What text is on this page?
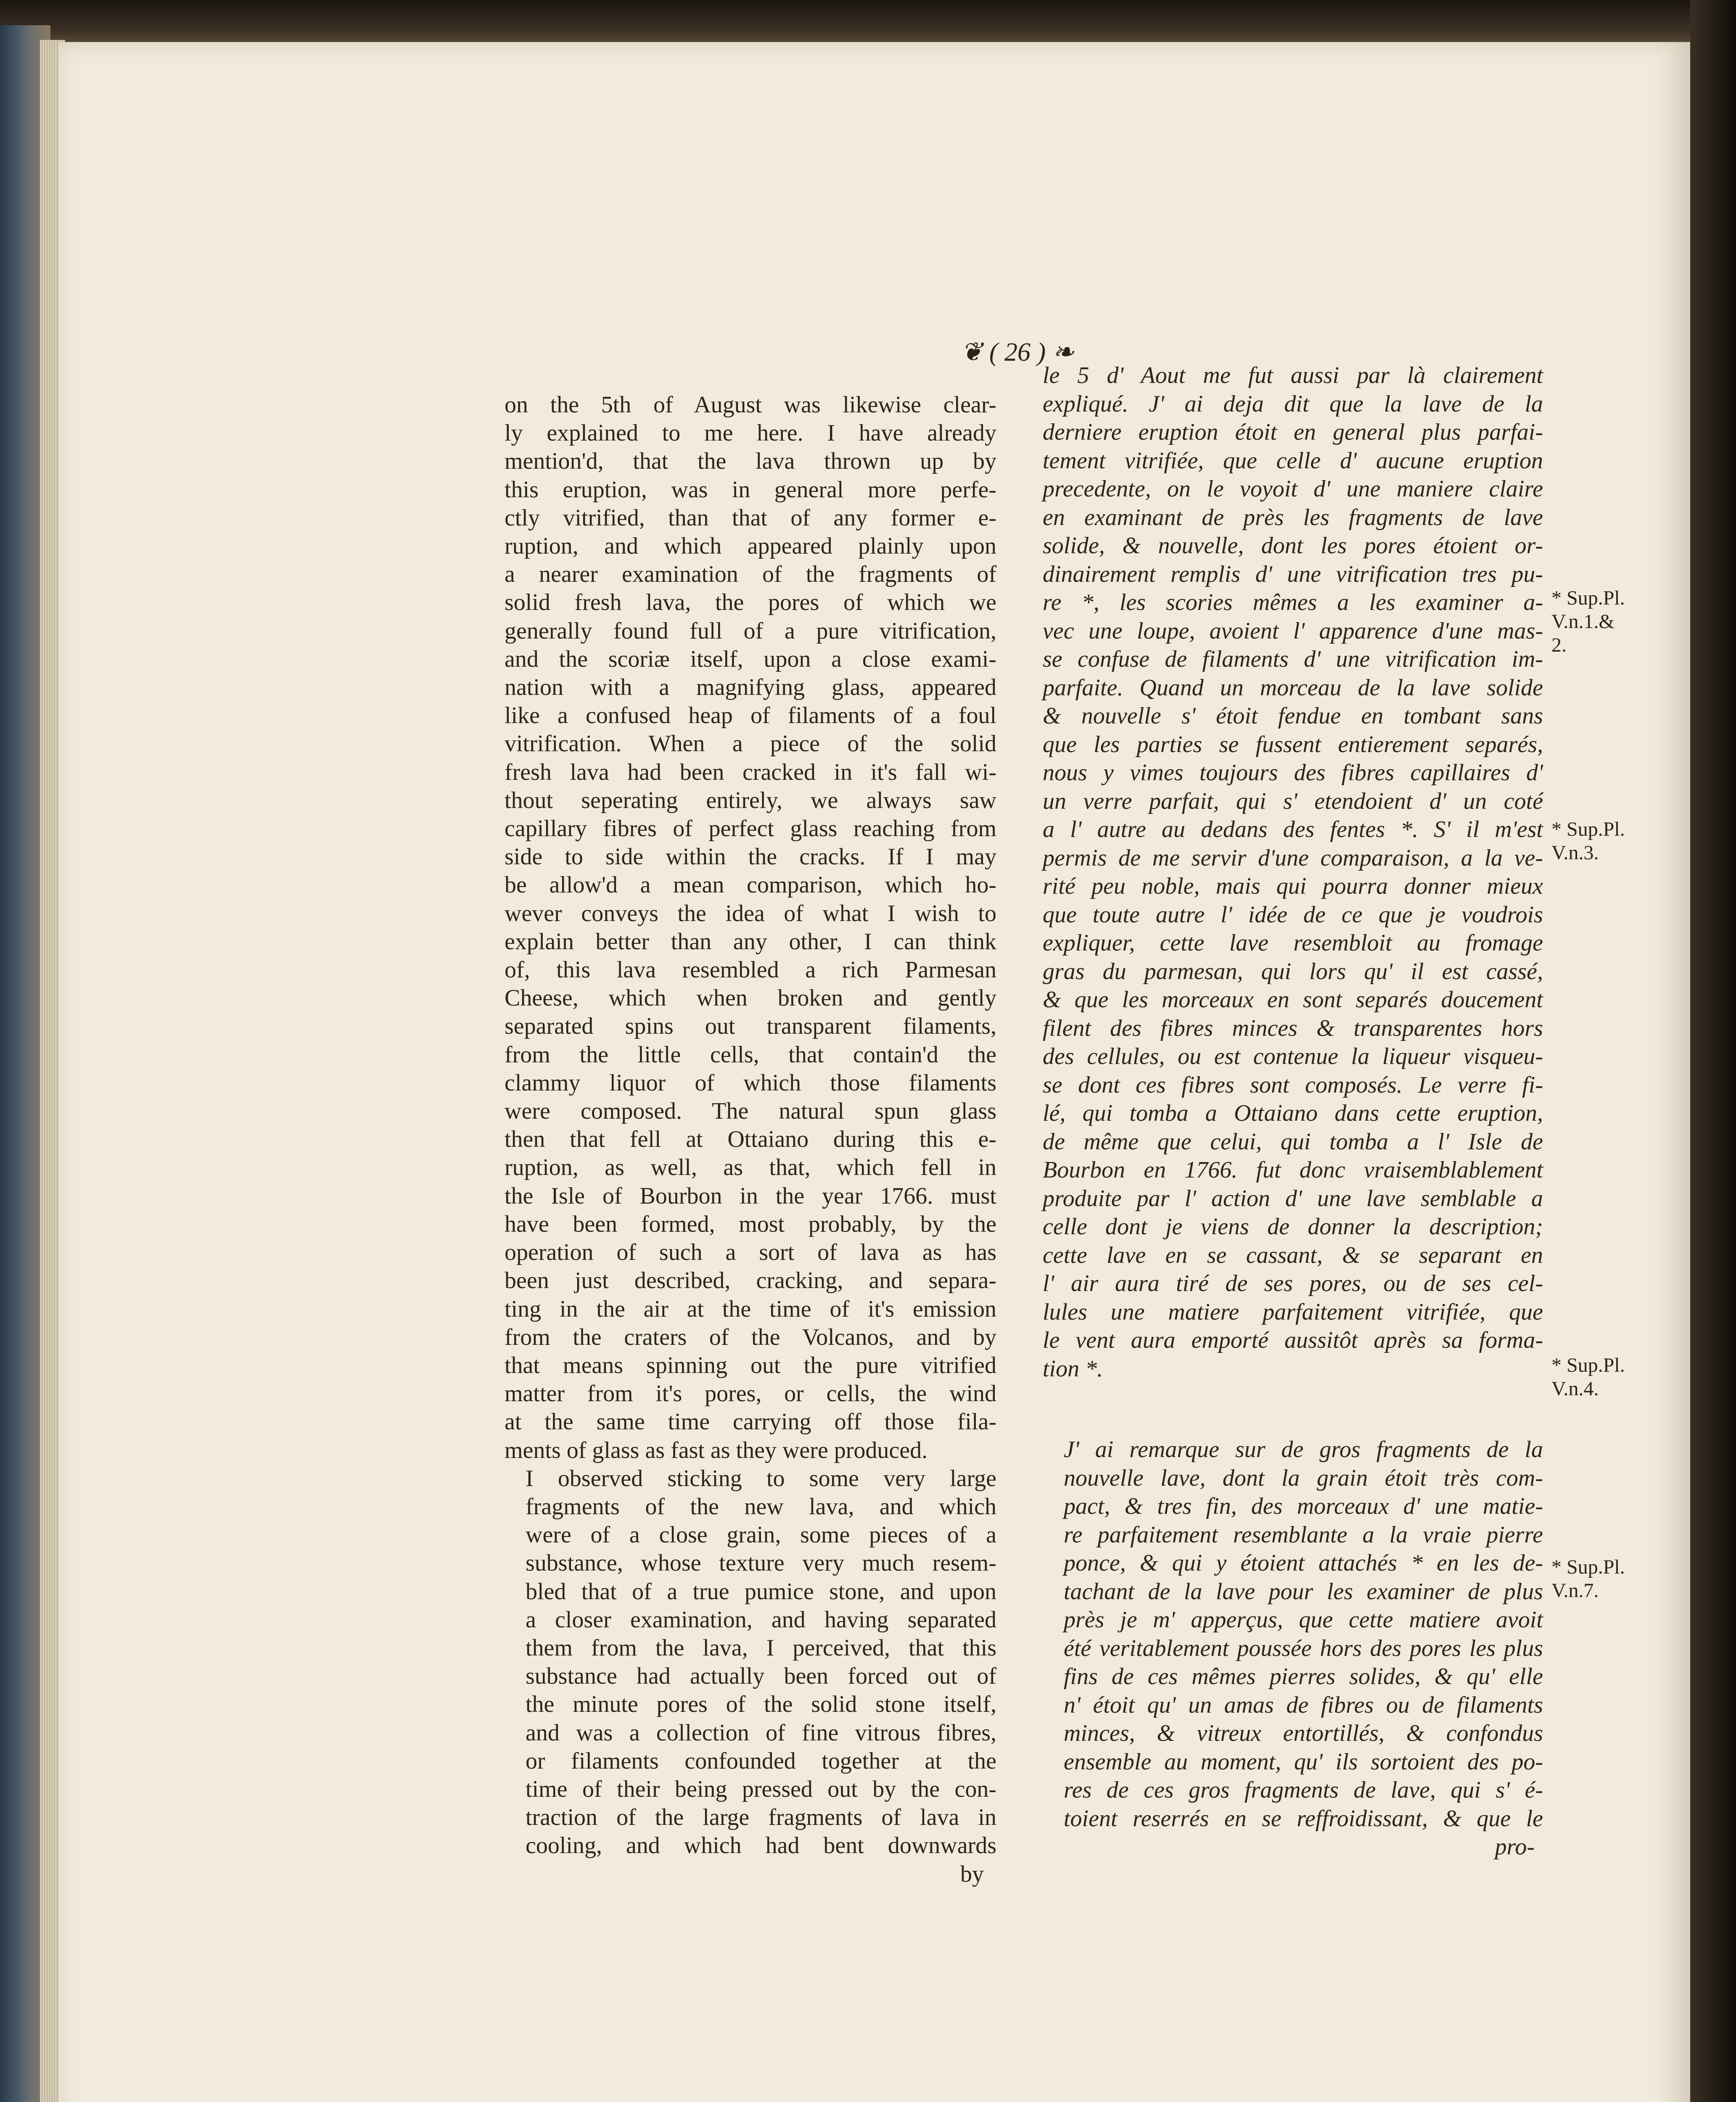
❦ ( 26 ) ❧

on the 5th of August was likewise clear-

ly explained to me here. I have already

mention'd, that the lava thrown up by

this eruption, was in general more perfe-

ctly vitrified, than that of any former e-

ruption, and which appeared plainly upon

a nearer examination of the fragments of

solid fresh lava, the pores of which we

generally found full of a pure vitrification,

and the scoriæ itself, upon a close exami-

nation with a magnifying glass, appeared

like a confused heap of filaments of a foul

vitrification. When a piece of the solid

fresh lava had been cracked in it's fall wi-

thout seperating entirely, we always saw

capillary fibres of perfect glass reaching from

side to side within the cracks. If I may

be allow'd a mean comparison, which ho-

wever conveys the idea of what I wish to

explain better than any other, I can think

of, this lava resembled a rich Parmesan

Cheese, which when broken and gently

separated spins out transparent filaments,

from the little cells, that contain'd the

clammy liquor of which those filaments

were composed. The natural spun glass

then that fell at Ottaiano during this e-

ruption, as well, as that, which fell in

the Isle of Bourbon in the year 1766. must

have been formed, most probably, by the

operation of such a sort of lava as has

been just described, cracking, and separa-

ting in the air at the time of it's emission

from the craters of the Volcanos, and by

that means spinning out the pure vitrified

matter from it's pores, or cells, the wind

at the same time carrying off those fila-

ments of glass as fast as they were produced.

I observed sticking to some very large

fragments of the new lava, and which

were of a close grain, some pieces of a

substance, whose texture very much resem-

bled that of a true pumice stone, and upon

a closer examination, and having separated

them from the lava, I perceived, that this

substance had actually been forced out of

the minute pores of the solid stone itself,

and was a collection of fine vitrous fibres,

or filaments confounded together at the

time of their being pressed out by the con-

traction of the large fragments of lava in

cooling, and which had bent downwards

by

le 5 d' Aout me fut aussi par là clairement

expliqué. J' ai deja dit que la lave de la

derniere eruption étoit en general plus parfai-

tement vitrifiée, que celle d' aucune eruption

precedente, on le voyoit d' une maniere claire

en examinant de près les fragments de lave

solide, & nouvelle, dont les pores étoient or-

dinairement remplis d' une vitrification tres pu-

re *, les scories mêmes a les examiner a-

vec une loupe, avoient l' apparence d'une mas-

se confuse de filaments d' une vitrification im-

parfaite. Quand un morceau de la lave solide

& nouvelle s' étoit fendue en tombant sans

que les parties se fussent entierement separés,

nous y vimes toujours des fibres capillaires d'

un verre parfait, qui s' etendoient d' un coté

a l' autre au dedans des fentes *. S' il m'est

permis de me servir d'une comparaison, a la ve-

rité peu noble, mais qui pourra donner mieux

que toute autre l' idée de ce que je voudrois

expliquer, cette lave resembloit au fromage

gras du parmesan, qui lors qu' il est cassé,

& que les morceaux en sont separés doucement

filent des fibres minces & transparentes hors

des cellules, ou est contenue la liqueur visqueu-

se dont ces fibres sont composés. Le verre fi-

lé, qui tomba a Ottaiano dans cette eruption,

de même que celui, qui tomba a l' Isle de

Bourbon en 1766. fut donc vraisemblablement

produite par l' action d' une lave semblable a

celle dont je viens de donner la description;

cette lave en se cassant, & se separant en

l' air aura tiré de ses pores, ou de ses cel-

lules une matiere parfaitement vitrifiée, que

le vent aura emporté aussitôt après sa forma-

tion *.

J' ai remarque sur de gros fragments de la

nouvelle lave, dont la grain étoit très com-

pact, & tres fin, des morceaux d' une matie-

re parfaitement resemblante a la vraie pierre

ponce, & qui y étoient attachés * en les de-

tachant de la lave pour les examiner de plus

près je m' apperçus, que cette matiere avoit

été veritablement poussée hors des pores les plus

fins de ces mêmes pierres solides, & qu' elle

n' étoit qu' un amas de fibres ou de filaments

minces, & vitreux entortillés, & confondus

ensemble au moment, qu' ils sortoient des po-

res de ces gros fragments de lave, qui s' é-

toient reserrés en se reffroidissant, & que le

pro-

* Sup.Pl.
V.n.1.&
2.
* Sup.Pl.
V.n.3.
* Sup.Pl.
V.n.4.
* Sup.Pl.
V.n.7.
